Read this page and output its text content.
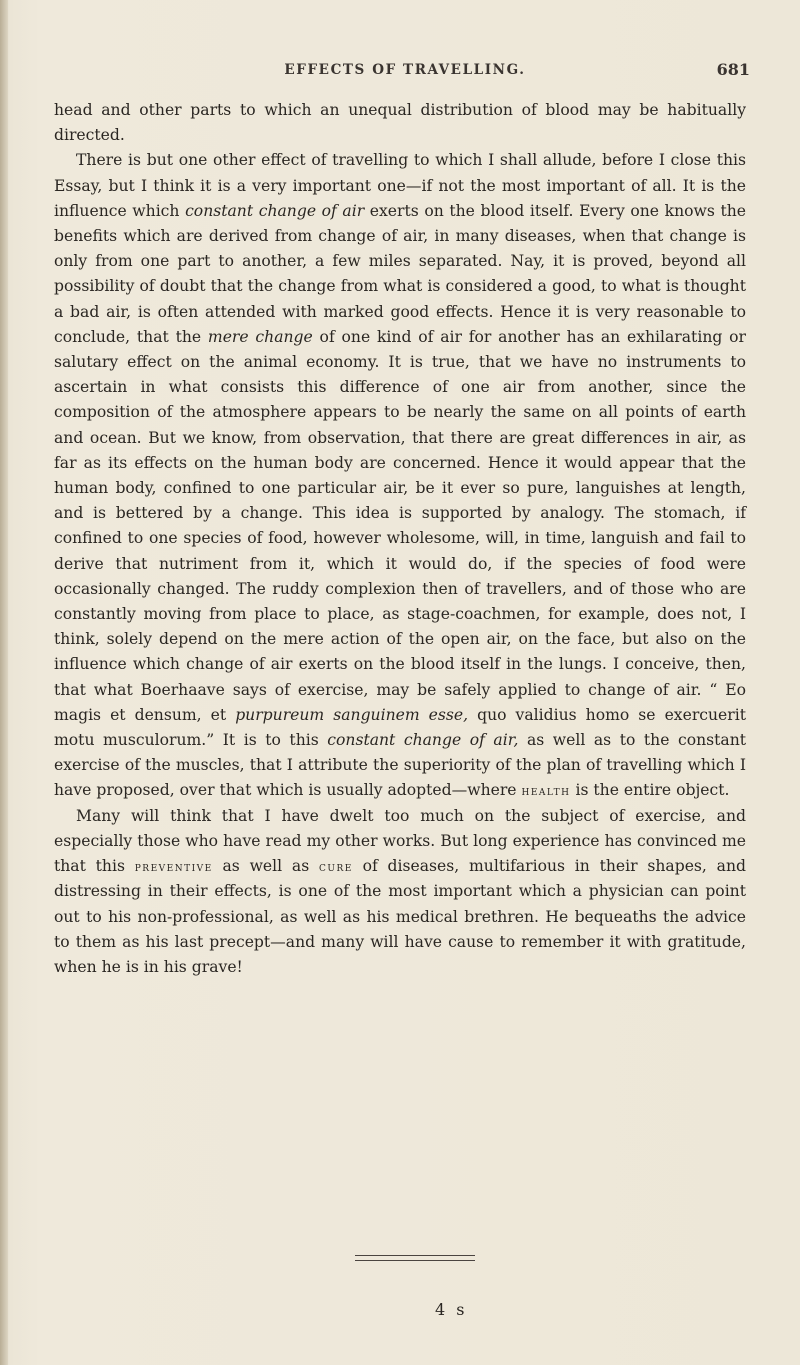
EFFECTS OF TRAVELLING.	681

head and other parts to which an unequal distribution of blood may be habitually directed.

There is but one other effect of travelling to which I shall allude, before I close this Essay, but I think it is a very important one—if not the most important of all. It is the influence which constant change of air exerts on the blood itself. Every one knows the benefits which are derived from change of air, in many diseases, when that change is only from one part to another, a few miles separated. Nay, it is proved, beyond all possibility of doubt that the change from what is considered a good, to what is thought a bad air, is often attended with marked good effects. Hence it is very reasonable to conclude, that the mere change of one kind of air for another has an exhilarating or salutary effect on the animal economy. It is true, that we have no instruments to ascertain in what consists this difference of one air from another, since the composition of the atmosphere appears to be nearly the same on all points of earth and ocean. But we know, from observation, that there are great differences in air, as far as its effects on the human body are concerned. Hence it would appear that the human body, confined to one particular air, be it ever so pure, languishes at length, and is bettered by a change. This idea is supported by analogy. The stomach, if confined to one species of food, however wholesome, will, in time, languish and fail to derive that nutriment from it, which it would do, if the species of food were occasionally changed. The ruddy complexion then of travellers, and of those who are constantly moving from place to place, as stage-coachmen, for example, does not, I think, solely depend on the mere action of the open air, on the face, but also on the influence which change of air exerts on the blood itself in the lungs. I conceive, then, that what Boerhaave says of exercise, may be safely applied to change of air. “ Eo magis et densum, et purpureum sanguinem esse, quo validius homo se exercuerit motu musculorum.” It is to this constant change of air, as well as to the constant exercise of the muscles, that I attribute the superiority of the plan of travelling which I have proposed, over that which is usually adopted—where health is the entire object.

Many will think that I have dwelt too much on the subject of exercise, and especially those who have read my other works. But long experience has convinced me that this preventive as well as cure of diseases, multifarious in their shapes, and distressing in their effects, is one of the most important which a physician can point out to his non-professional, as well as his medical brethren. He bequeaths the advice to them as his last precept—and many will have cause to remember it with gratitude, when he is in his grave!

4 s
